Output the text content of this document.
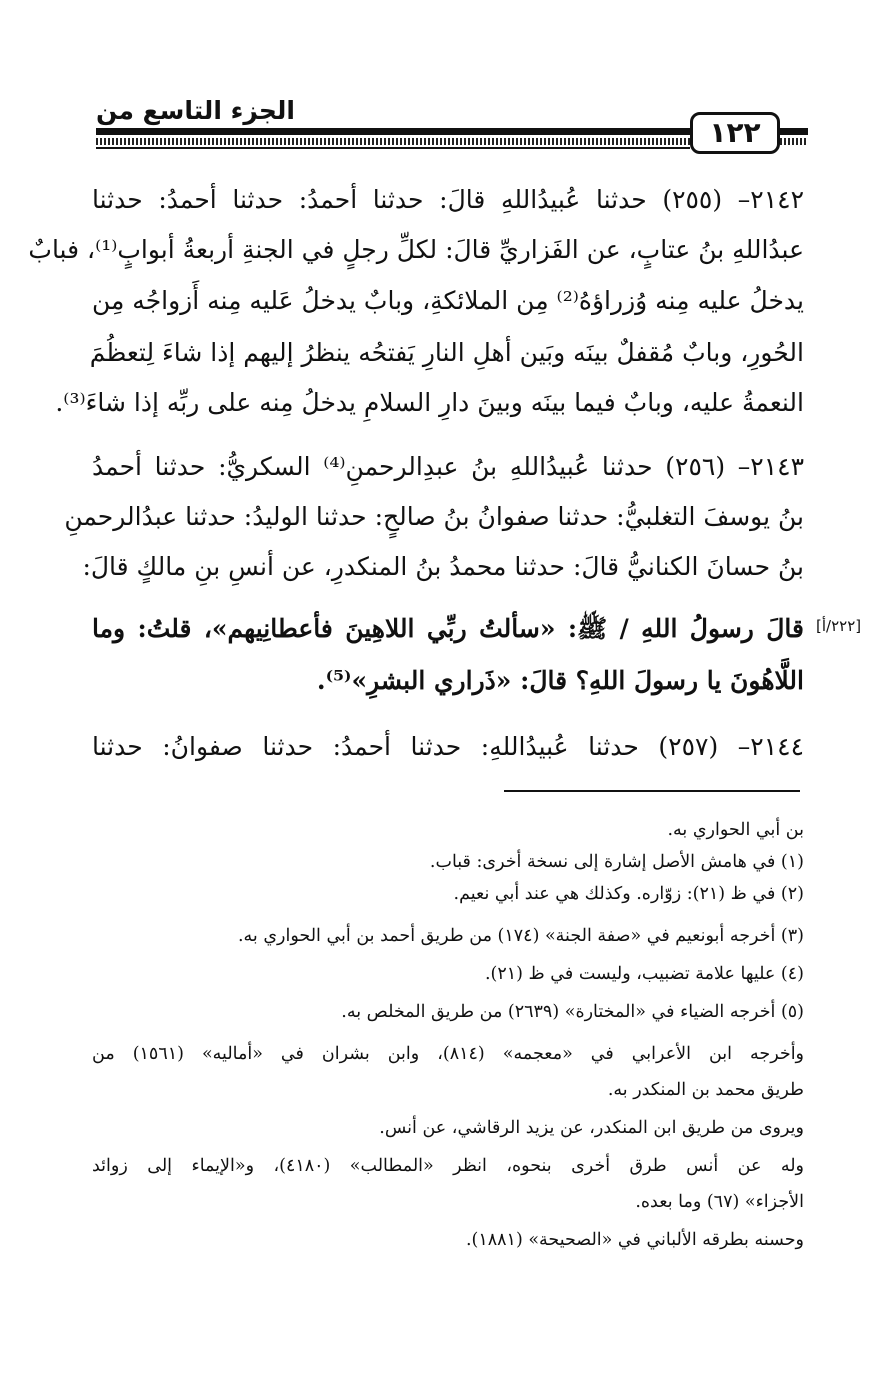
الجزء التاسع من
١٢٢
٢١٤٢– (٢٥٥) حدثنا عُبيدُاللهِ قالَ: حدثنا أحمدُ: حدثنا أحمدُ: حدثنا
عبدُاللهِ بنُ عتابٍ، عن الفَزاريِّ قالَ: لكلِّ رجلٍ في الجنةِ أربعةُ أبوابٍ⁽¹⁾، فبابٌ
يدخلُ عليه مِنه وُزراؤهُ⁽²⁾ مِن الملائكةِ، وبابٌ يدخلُ عَليه مِنه أَزواجُه مِن
الحُورِ، وبابٌ مُقفلٌ بينَه وبَين أهلِ النارِ يَفتحُه ينظرُ إليهم إذا شاءَ لِتعظُمَ
النعمةُ عليه، وبابٌ فيما بينَه وبينَ دارِ السلامِ يدخلُ مِنه على ربِّه إذا شاءَ⁽³⁾.
٢١٤٣– (٢٥٦) حدثنا عُبيدُاللهِ بنُ عبدِالرحمنِ⁽⁴⁾ السكريُّ: حدثنا أحمدُ
بنُ يوسفَ التغلبيُّ: حدثنا صفوانُ بنُ صالحٍ: حدثنا الوليدُ: حدثنا عبدُالرحمنِ
بنُ حسانَ الكنانيُّ قالَ: حدثنا محمدُ بنُ المنكدرِ، عن أنسِ بنِ مالكٍ قالَ:
[٢٢٢/أ]
قالَ رسولُ اللهِ / ﷺ: «سألتُ ربِّي اللاهِينَ فأعطانِيهم»، قلتُ: وما
اللَّاهُونَ يا رسولَ اللهِ؟ قالَ: «ذَراري البشرِ»⁽⁵⁾.
٢١٤٤– (٢٥٧) حدثنا عُبيدُاللهِ: حدثنا أحمدُ: حدثنا صفوانُ: حدثنا
بن أبي الحواري به.
(١) في هامش الأصل إشارة إلى نسخة أخرى: قباب.
(٢) في ظ (٢١): زوّاره. وكذلك هي عند أبي نعيم.
(٣) أخرجه أبونعيم في «صفة الجنة» (١٧٤) من طريق أحمد بن أبي الحواري به.
(٤) عليها علامة تضبيب، وليست في ظ (٢١).
(٥) أخرجه الضياء في «المختارة» (٢٦٣٩) من طريق المخلص به.
وأخرجه ابن الأعرابي في «معجمه» (٨١٤)، وابن بشران في «أماليه» (١٥٦١) من
طريق محمد بن المنكدر به.
ويروى من طريق ابن المنكدر، عن يزيد الرقاشي، عن أنس.
وله عن أنس طرق أخرى بنحوه، انظر «المطالب» (٤١٨٠)، و«الإيماء إلى زوائد
الأجزاء» (٦٧) وما بعده.
وحسنه بطرقه الألباني في «الصحيحة» (١٨٨١).
